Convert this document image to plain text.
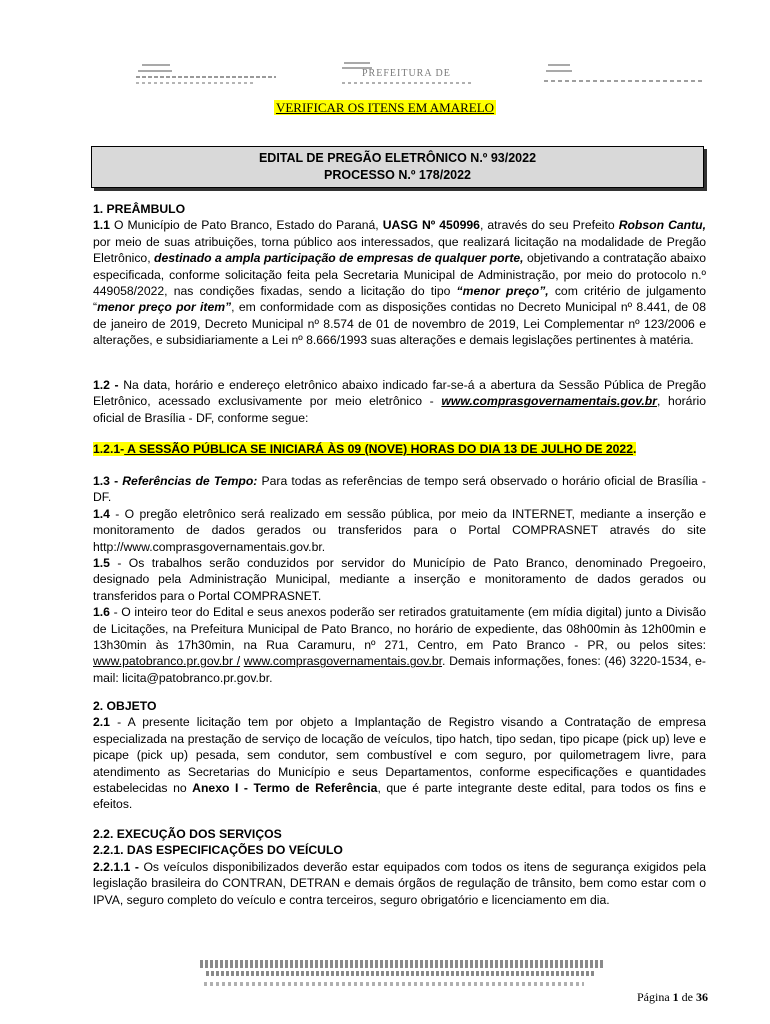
PREFEITURA DE
VERIFICAR OS ITENS EM AMARELO
EDITAL DE PREGÃO ELETRÔNICO N.º 93/2022
PROCESSO N.º 178/2022

1. PREÂMBULO

1.1 O Município de Pato Branco, Estado do Paraná, UASG Nº 450996, através do seu Prefeito Robson Cantu, por meio de suas atribuições, torna público aos interessados, que realizará licitação na modalidade de Pregão Eletrônico, destinado a ampla participação de empresas de qualquer porte, objetivando a contratação abaixo especificada, conforme solicitação feita pela Secretaria Municipal de Administração, por meio do protocolo n.º 449058/2022, nas condições fixadas, sendo a licitação do tipo “menor preço”, com critério de julgamento “menor preço por item”, em conformidade com as disposições contidas no Decreto Municipal nº 8.441, de 08 de janeiro de 2019, Decreto Municipal nº 8.574 de 01 de novembro de 2019, Lei Complementar nº 123/2006 e alterações, e subsidiariamente a Lei nº 8.666/1993 suas alterações e demais legislações pertinentes à matéria.

1.2 - Na data, horário e endereço eletrônico abaixo indicado far-se-á a abertura da Sessão Pública de Pregão Eletrônico, acessado exclusivamente por meio eletrônico - www.comprasgovernamentais.gov.br, horário oficial de Brasília - DF, conforme segue:

1.2.1- A SESSÃO PÚBLICA SE INICIARÁ ÀS 09 (NOVE) HORAS DO DIA 13 DE JULHO DE 2022.

1.3 - Referências de Tempo: Para todas as referências de tempo será observado o horário oficial de Brasília - DF.

1.4 - O pregão eletrônico será realizado em sessão pública, por meio da INTERNET, mediante a inserção e monitoramento de dados gerados ou transferidos para o Portal COMPRASNET através do site http://www.comprasgovernamentais.gov.br.

1.5 - Os trabalhos serão conduzidos por servidor do Município de Pato Branco, denominado Pregoeiro, designado pela Administração Municipal, mediante a inserção e monitoramento de dados gerados ou transferidos para o Portal COMPRASNET.

1.6 - O inteiro teor do Edital e seus anexos poderão ser retirados gratuitamente (em mídia digital) junto a Divisão de Licitações, na Prefeitura Municipal de Pato Branco, no horário de expediente, das 08h00min às 12h00min e 13h30min às 17h30min, na Rua Caramuru, nº 271, Centro, em Pato Branco - PR, ou pelos sites: www.patobranco.pr.gov.br / www.comprasgovernamentais.gov.br. Demais informações, fones: (46) 3220-1534, e-mail: licita@patobranco.pr.gov.br.

2. OBJETO

2.1 - A presente licitação tem por objeto a Implantação de Registro visando a Contratação de empresa especializada na prestação de serviço de locação de veículos, tipo hatch, tipo sedan, tipo picape (pick up) leve e picape (pick up) pesada, sem condutor, sem combustível e com seguro, por quilometragem livre, para atendimento as Secretarias do Município e seus Departamentos, conforme especificações e quantidades estabelecidas no Anexo I - Termo de Referência, que é parte integrante deste edital, para todos os fins e efeitos.

2.2. EXECUÇÃO DOS SERVIÇOS

2.2.1. DAS ESPECIFICAÇÕES DO VEÍCULO

2.2.1.1 - Os veículos disponibilizados deverão estar equipados com todos os itens de segurança exigidos pela legislação brasileira do CONTRAN, DETRAN e demais órgãos de regulação de trânsito, bem como estar com o IPVA, seguro completo do veículo e contra terceiros, seguro obrigatório e licenciamento em dia.

Página 1 de 36
